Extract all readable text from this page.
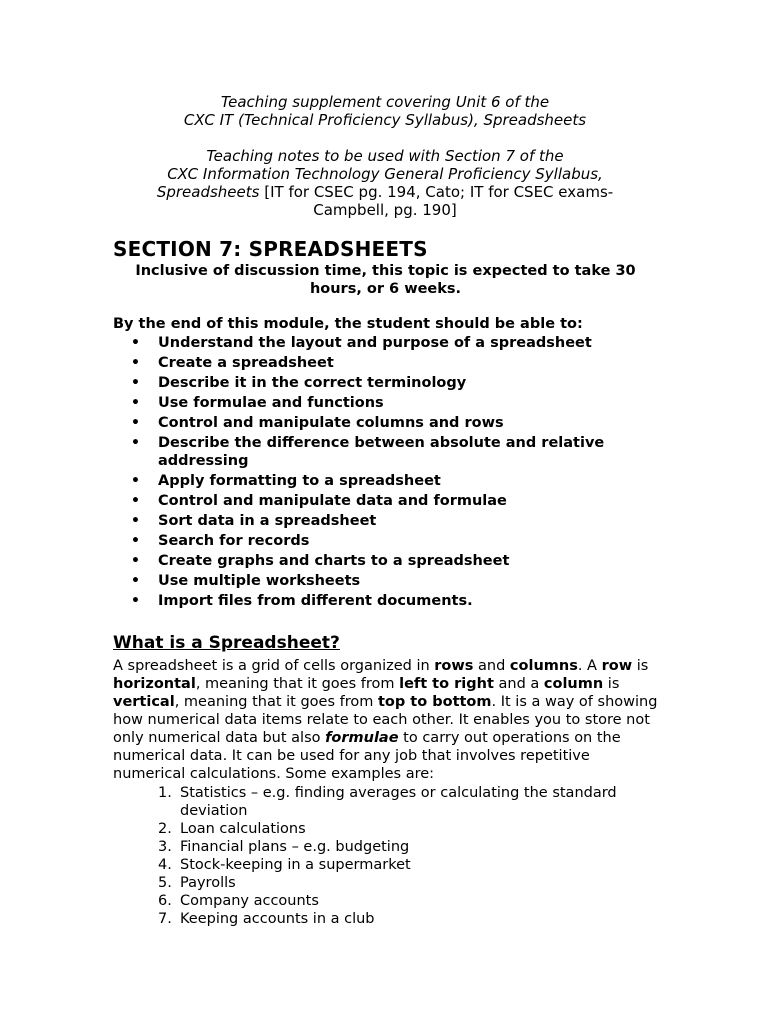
Teaching supplement covering Unit 6 of the
CXC IT (Technical Proficiency Syllabus), Spreadsheets
Teaching notes to be used with Section 7 of the
CXC Information Technology General Proficiency Syllabus,
Spreadsheets [IT for CSEC pg. 194, Cato; IT for CSEC exams-
Campbell, pg. 190]
SECTION 7: SPREADSHEETS
Inclusive of discussion time, this topic is expected to take 30 hours, or 6 weeks.
By the end of this module, the student should be able to:
• Understand the layout and purpose of a spreadsheet
• Create a spreadsheet
• Describe it in the correct terminology
• Use formulae and functions
• Control and manipulate columns and rows
• Describe the difference between absolute and relative addressing
• Apply formatting to a spreadsheet
• Control and manipulate data and formulae
• Sort data in a spreadsheet
• Search for records
• Create graphs and charts to a spreadsheet
• Use multiple worksheets
• Import files from different documents.
What is a Spreadsheet?
A spreadsheet is a grid of cells organized in rows and columns. A row is horizontal, meaning that it goes from left to right and a column is vertical, meaning that it goes from top to bottom. It is a way of showing how numerical data items relate to each other. It enables you to store not only numerical data but also formulae to carry out operations on the numerical data. It can be used for any job that involves repetitive numerical calculations. Some examples are:
1. Statistics – e.g. finding averages or calculating the standard deviation
2. Loan calculations
3. Financial plans – e.g. budgeting
4. Stock-keeping in a supermarket
5. Payrolls
6. Company accounts
7. Keeping accounts in a club
